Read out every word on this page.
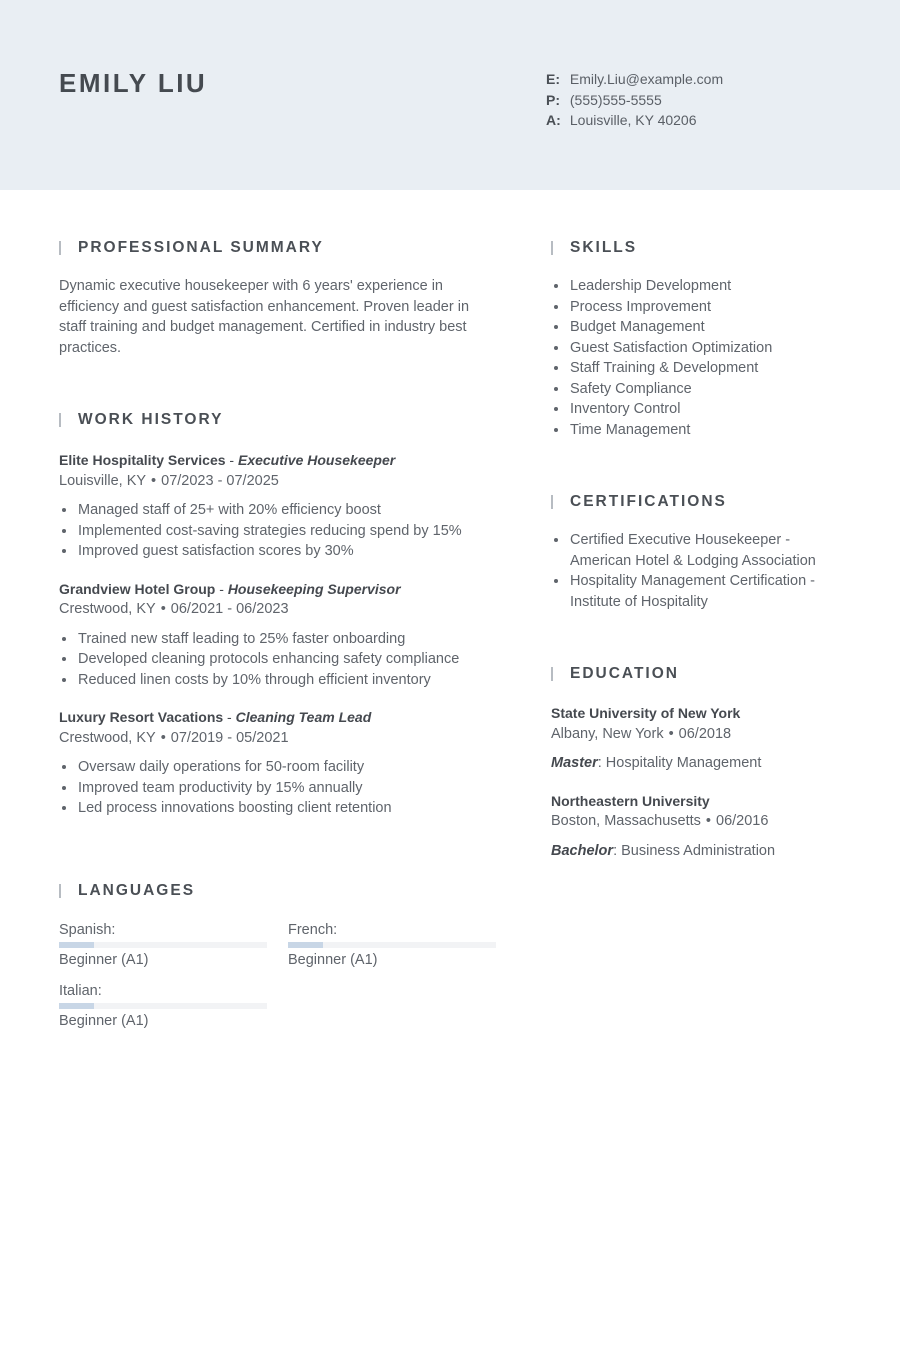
EMILY LIU	E: Emily.Liu@example.com
P: (555)555-5555
A: Louisville, KY 40206
PROFESSIONAL SUMMARY

Dynamic executive housekeeper with 6 years' experience in efficiency and guest satisfaction enhancement. Proven leader in staff training and budget management. Certified in industry best practices.

WORK HISTORY
Elite Hospitality Services - Executive Housekeeper
Louisville, KY • 07/2023 - 07/2025
Managed staff of 25+ with 20% efficiency boost
Implemented cost-saving strategies reducing spend by 15%
Improved guest satisfaction scores by 30%
Grandview Hotel Group - Housekeeping Supervisor
Crestwood, KY • 06/2021 - 06/2023
Trained new staff leading to 25% faster onboarding
Developed cleaning protocols enhancing safety compliance
Reduced linen costs by 10% through efficient inventory
Luxury Resort Vacations - Cleaning Team Lead
Crestwood, KY • 07/2019 - 05/2021
Oversaw daily operations for 50-room facility
Improved team productivity by 15% annually
Led process innovations boosting client retention
LANGUAGES
Spanish:
Beginner (A1)
French:
Beginner (A1)
Italian:
Beginner (A1)
SKILLS
Leadership Development
Process Improvement
Budget Management
Guest Satisfaction Optimization
Staff Training & Development
Safety Compliance
Inventory Control
Time Management
CERTIFICATIONS
Certified Executive Housekeeper - American Hotel & Lodging Association
Hospitality Management Certification - Institute of Hospitality
EDUCATION
State University of New York
Albany, New York • 06/2018
Master: Hospitality Management
Northeastern University
Boston, Massachusetts • 06/2016
Bachelor: Business Administration
